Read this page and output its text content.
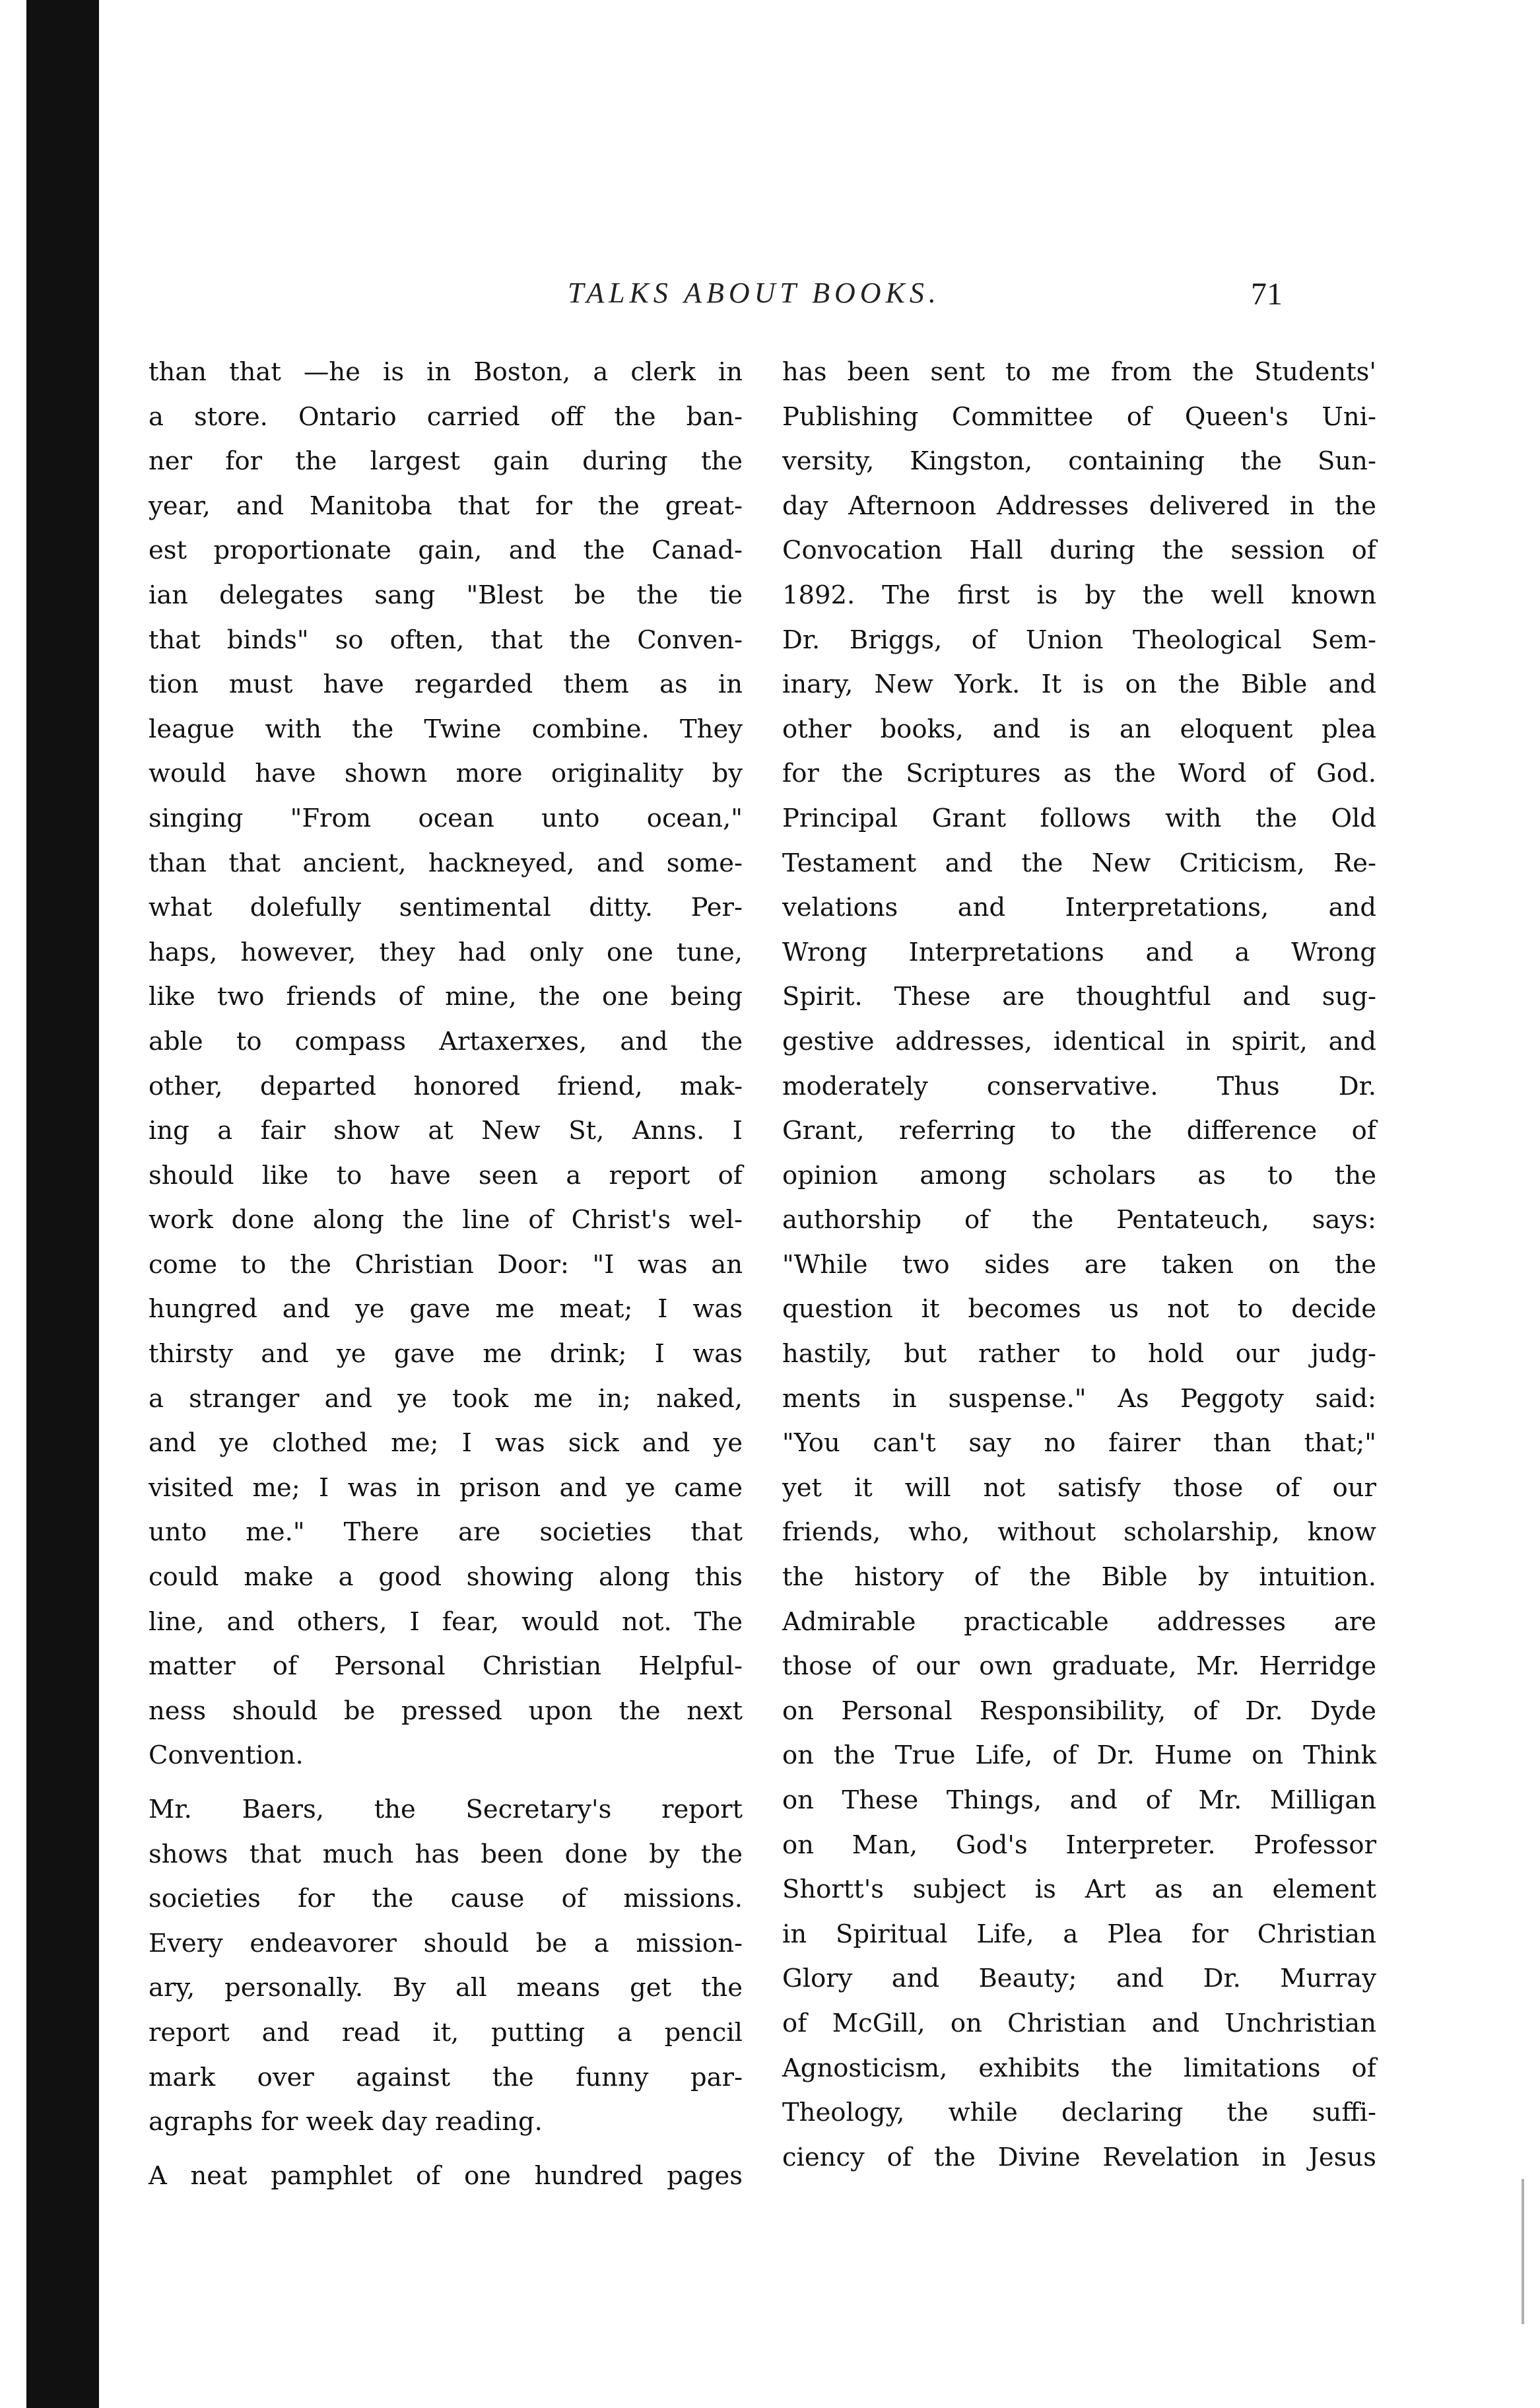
TALKS ABOUT BOOKS.	71
than that —he is in Boston, a clerk in
a store. Ontario carried off the ban-
ner for the largest gain during the
year, and Manitoba that for the great-
est proportionate gain, and the Canad-
ian delegates sang "Blest be the tie
that binds" so often, that the Conven-
tion must have regarded them as in
league with the Twine combine. They
would have shown more originality by
singing "From ocean unto ocean,"
than that ancient, hackneyed, and some-
what dolefully sentimental ditty. Per-
haps, however, they had only one tune,
like two friends of mine, the one being
able to compass Artaxerxes, and the
other, departed honored friend, mak-
ing a fair show at New St, Anns. I
should like to have seen a report of
work done along the line of Christ's wel-
come to the Christian Door: "I was an
hungred and ye gave me meat; I was
thirsty and ye gave me drink; I was
a stranger and ye took me in; naked,
and ye clothed me; I was sick and ye
visited me; I was in prison and ye came
unto me." There are societies that
could make a good showing along this
line, and others, I fear, would not. The
matter of Personal Christian Helpful-
ness should be pressed upon the next
Convention.
Mr. Baers, the Secretary's report
shows that much has been done by the
societies for the cause of missions.
Every endeavorer should be a mission-
ary, personally. By all means get the
report and read it, putting a pencil
mark over against the funny par-
agraphs for week day reading.
A neat pamphlet of one hundred pages
has been sent to me from the Students'
Publishing Committee of Queen's Uni-
versity, Kingston, containing the Sun-
day Afternoon Addresses delivered in the
Convocation Hall during the session of
1892. The first is by the well known
Dr. Briggs, of Union Theological Sem-
inary, New York. It is on the Bible and
other books, and is an eloquent plea
for the Scriptures as the Word of God.
Principal Grant follows with the Old
Testament and the New Criticism, Re-
velations and Interpretations, and
Wrong Interpretations and a Wrong
Spirit. These are thoughtful and sug-
gestive addresses, identical in spirit, and
moderately conservative. Thus Dr.
Grant, referring to the difference of
opinion among scholars as to the
authorship of the Pentateuch, says:
"While two sides are taken on the
question it becomes us not to decide
hastily, but rather to hold our judg-
ments in suspense." As Peggoty said:
"You can't say no fairer than that;"
yet it will not satisfy those of our
friends, who, without scholarship, know
the history of the Bible by intuition.
Admirable practicable addresses are
those of our own graduate, Mr. Herridge
on Personal Responsibility, of Dr. Dyde
on the True Life, of Dr. Hume on Think
on These Things, and of Mr. Milligan
on Man, God's Interpreter. Professor
Shortt's subject is Art as an element
in Spiritual Life, a Plea for Christian
Glory and Beauty; and Dr. Murray
of McGill, on Christian and Unchristian
Agnosticism, exhibits the limitations of
Theology, while declaring the suffi-
ciency of the Divine Revelation in Jesus
